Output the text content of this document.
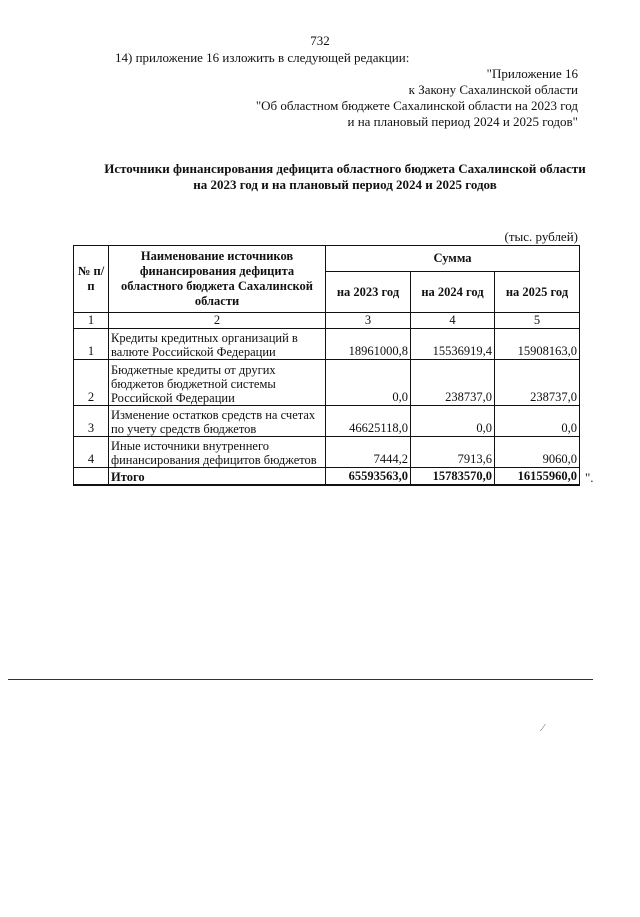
732
14) приложение 16 изложить в следующей редакции:
"Приложение 16
к Закону Сахалинской области
"Об областном бюджете Сахалинской области на 2023 год
и на плановый период 2024 и 2025 годов"
Источники финансирования дефицита областного бюджета Сахалинской области
на 2023 год и на плановый период 2024 и 2025 годов
(тыс. рублей)
№ п/п	Наименование источников финансирования дефицита областного бюджета Сахалинской области	Сумма		
		на 2023 год	на 2024 год	на 2025 год
1	2	3	4	5
1	Кредиты кредитных организаций в валюте Российской Федерации	18961000,8	15536919,4	15908163,0
2	Бюджетные кредиты от других бюджетов бюджетной системы Российской Федерации	0,0	238737,0	238737,0
3	Изменение остатков средств на счетах по учету средств бюджетов	46625118,0	0,0	0,0
4	Иные источники внутреннего финансирования дефицитов бюджетов	7444,2	7913,6	9060,0
	Итого	65593563,0	15783570,0	16155960,0 ".
⁄
